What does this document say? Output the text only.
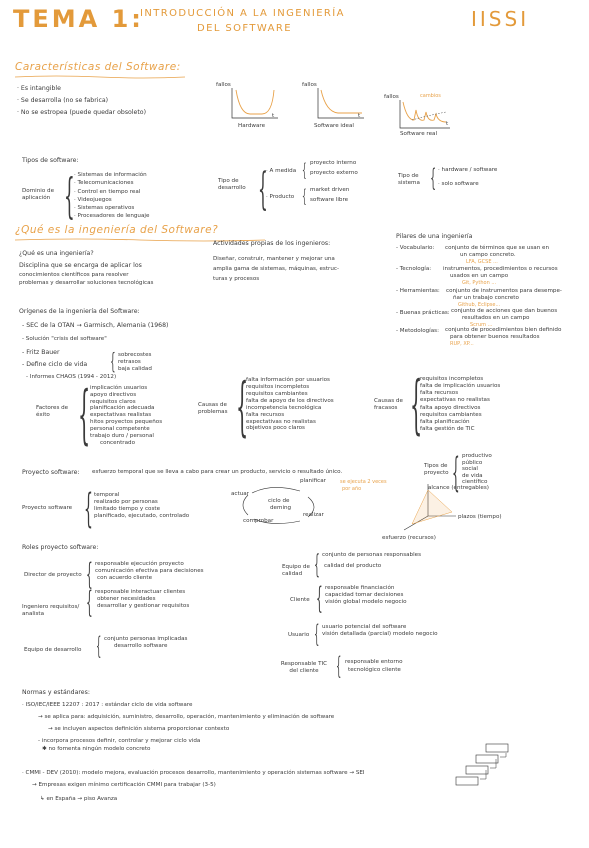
TEMA 1:
INTRODUCCIÓN A LA INGENIERÍA
DEL SOFTWARE	IISSI
Características del Software:
· Es intangible
· Se desarrolla (no se fabrica)
· No se estropea (puede quedar obsoleto)
fallos
t
Hardware
fallos
t
Software ideal
fallos	cambios
t
Software real
Tipos de software:
Dominio de aplicación { · Sistemas de información
· Telecomunicaciones
· Control en tiempo real
· Videojuegos
· Sistemas operativos
· Procesadores de lenguaje
Tipo de desarrollo {
· A medida { proyecto interno
proyecto externo
· Producto { market driven
software libre
Tipo de sistema { · hardware / software
· solo software
¿Qué es la ingeniería del Software?
¿Qué es una ingeniería?
Disciplina que se encarga de aplicar los
conocimientos científicos para resolver
problemas y desarrollar soluciones tecnológicas
Actividades propias de los ingenieros:
Diseñar, construir, mantener y mejorar una
amplia gama de sistemas, máquinas, estruc-
turas y procesos
Pilares de una ingeniería
- Vocabulario: conjunto de términos que se usan en
un campo concreto.
LFA, GCSE ...
- Tecnología: instrumentos, procedimientos o recursos
usados en un campo
Git, Python ...
- Herramientas: conjunto de instrumentos para desempe-
ñar un trabajo concreto
Github, Eclipse...
- Buenas prácticas: conjunto de acciones que dan buenos
resultados en un campo
Scrum ...
- Metodologías: conjunto de procedimientos bien definido
para obtener buenos resultados
RUP, XP...
Orígenes de la ingeniería del Software:
- SEC de la OTAN → Garmisch, Alemania (1968)
- Solución "crisis del software"
- Fritz Bauer
- Define ciclo de vida { sobrecostes
retrasos
baja calidad
- Informes CHAOS (1994 - 2012)
Factores de éxito { implicación usuarios
apoyo directivos
requisitos claros
planificación adecuada
expectativas realistas
hitos proyectos pequeños
personal competente
trabajo duro / personal
concentrado
Causas de problemas {
falta información por usuarios
requisitos incompletos
requisitos cambiantes
falta de apoyo de los directivos
incompetencia tecnológica
falta recursos
expectativas no realistas
objetivos poco claros
Causas de fracasos {
requisitos incompletos
falta de implicación usuarios
falta recursos
expectativas no realistas
falta apoyo directivos
requisitos cambiantes
falta planificación
falta gestión de TIC
Proyecto software: esfuerzo temporal que se lleva a cabo para crear un producto, servicio o resultado único.
Proyecto software { temporal
realizado por personas
limitado tiempo y coste
planificado, ejecutado, controlado
planificar
actuar
ciclo de
deming
realizar
comprobar
se ejecuta 2 veces
por año
Tipos de
proyecto { productivo
público
social
de vida
científico
alcance (entregables)
plazos (tiempo)
esfuerzo (recursos)
Roles proyecto software:
Director de proyecto { responsable ejecución proyecto
comunicación efectiva para decisiones
con acuerdo cliente
Ingeniero requisitos/ analista	{ responsable interactuar clientes
obtener necesidades
desarrollar y gestionar requisitos
Equipo de desarrollo { conjunto personas implicadas
desarrollo software
Equipo de calidad { conjunto de personas responsables
calidad del producto
Cliente { responsable financiación
capacidad tomar decisiones
visión global modelo negocio
Usuario { usuario potencial del software
visión detallada (parcial) modelo negocio
Responsable TIC del cliente { responsable entorno
tecnológico cliente
Normas y estándares:
· ISO/IEC/IEEE 12207 : 2017 : estándar ciclo de vida software
→ se aplica para: adquisición, suministro, desarrollo, operación, mantenimiento y eliminación de software
→ se incluyen aspectos definición sistema proporcionar contexto
- incorpora procesos definir, controlar y mejorar ciclo vida
✱ no fomenta ningún modelo concreto
· CMMI - DEV (2010): modelo mejora, evaluación procesos desarrollo, mantenimiento y operación sistemas software → SEI
→ Empresas exigen mínimo certificación CMMI para trabajar (3-5)
↳ en España → piso Avanza
